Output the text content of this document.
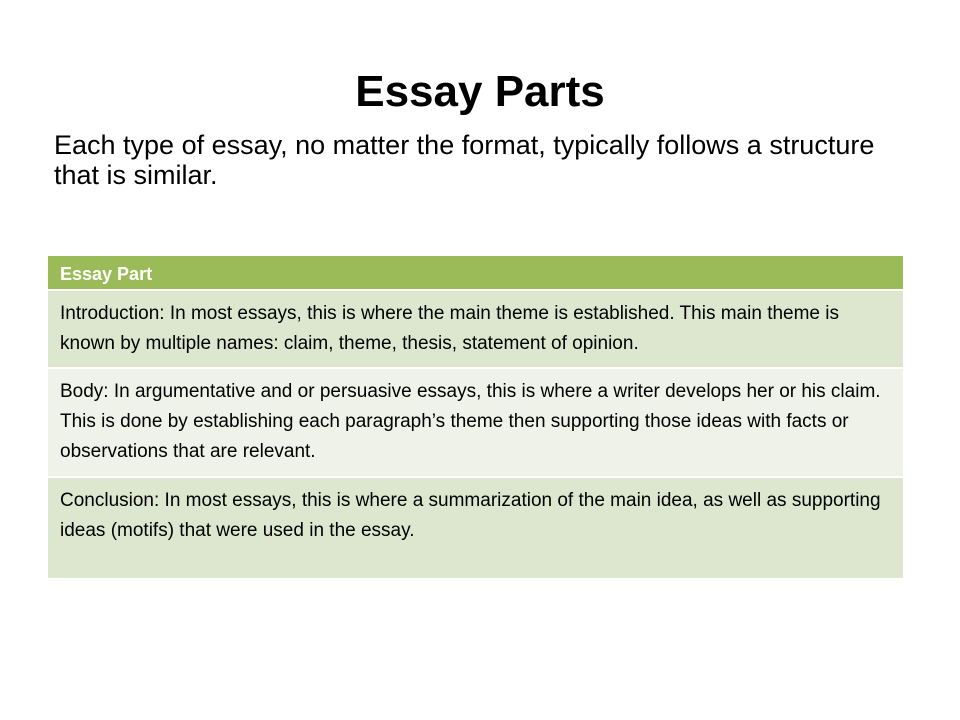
Essay Parts

Each type of essay, no matter the format, typically follows a structure that is similar.

Essay Part
Introduction: In most essays, this is where the main theme is established. This main theme is known by multiple names: claim, theme, thesis, statement of opinion.
Body: In argumentative and or persuasive essays, this is where a writer develops her or his claim. This is done by establishing each paragraph’s theme then supporting those ideas with facts or observations that are relevant.
Conclusion: In most essays, this is where a summarization of the main idea, as well as supporting ideas (motifs) that were used in the essay.
